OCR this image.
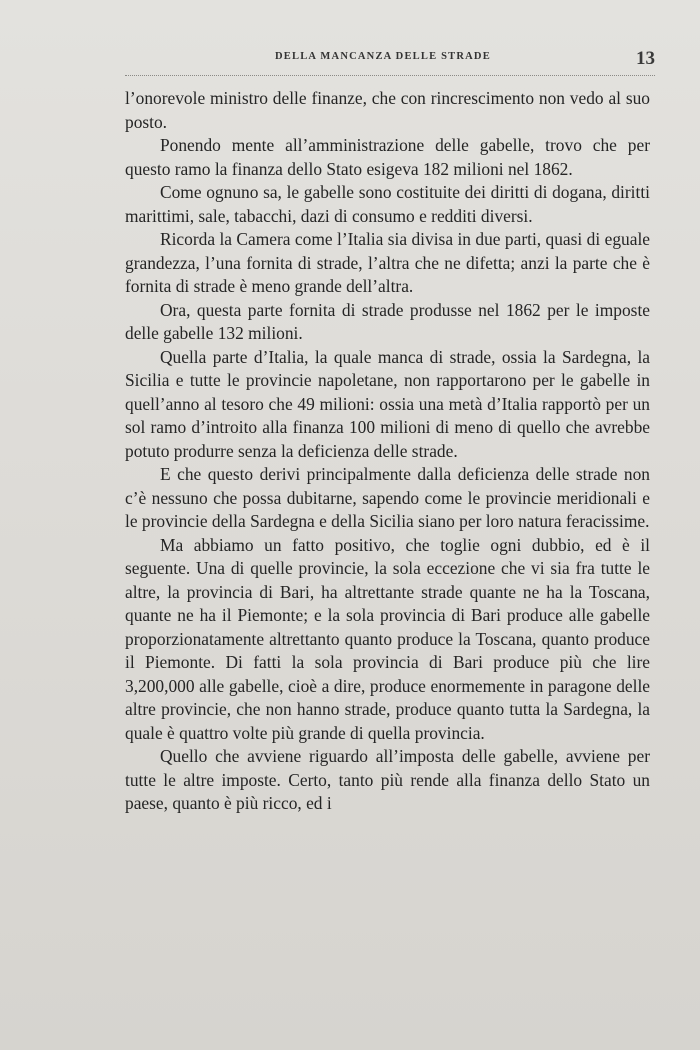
DELLA MANCANZA DELLE STRADE	13

l’onorevole ministro delle finanze, che con rincrescimento non vedo al suo posto.

Ponendo mente all’amministrazione delle gabelle, trovo che per questo ramo la finanza dello Stato esigeva 182 milioni nel 1862.

Come ognuno sa, le gabelle sono costituite dei diritti di dogana, diritti marittimi, sale, tabacchi, dazi di consumo e redditi diversi.

Ricorda la Camera come l’Italia sia divisa in due parti, quasi di eguale grandezza, l’una fornita di strade, l’altra che ne difetta; anzi la parte che è fornita di strade è meno grande dell’altra.

Ora, questa parte fornita di strade produsse nel 1862 per le imposte delle gabelle 132 milioni.

Quella parte d’Italia, la quale manca di strade, ossia la Sardegna, la Sicilia e tutte le provincie napoletane, non rapportarono per le gabelle in quell’anno al tesoro che 49 milioni: ossia una metà d’Italia rapportò per un sol ramo d’introito alla finanza 100 milioni di meno di quello che avrebbe potuto produrre senza la deficienza delle strade.

E che questo derivi principalmente dalla deficienza delle strade non c’è nessuno che possa dubitarne, sapendo come le provincie meridionali e le provincie della Sardegna e della Sicilia siano per loro natura feracissime.

Ma abbiamo un fatto positivo, che toglie ogni dubbio, ed è il seguente. Una di quelle provincie, la sola eccezione che vi sia fra tutte le altre, la provincia di Bari, ha altrettante strade quante ne ha la Toscana, quante ne ha il Piemonte; e la sola provincia di Bari produce alle gabelle proporzionatamente altrettanto quanto produce la Toscana, quanto produce il Piemonte. Di fatti la sola provincia di Bari produce più che lire 3,200,000 alle gabelle, cioè a dire, produce enormemente in paragone delle altre provincie, che non hanno strade, produce quanto tutta la Sardegna, la quale è quattro volte più grande di quella provincia.

Quello che avviene riguardo all’imposta delle gabelle, avviene per tutte le altre imposte. Certo, tanto più rende alla finanza dello Stato un paese, quanto è più ricco, ed i
